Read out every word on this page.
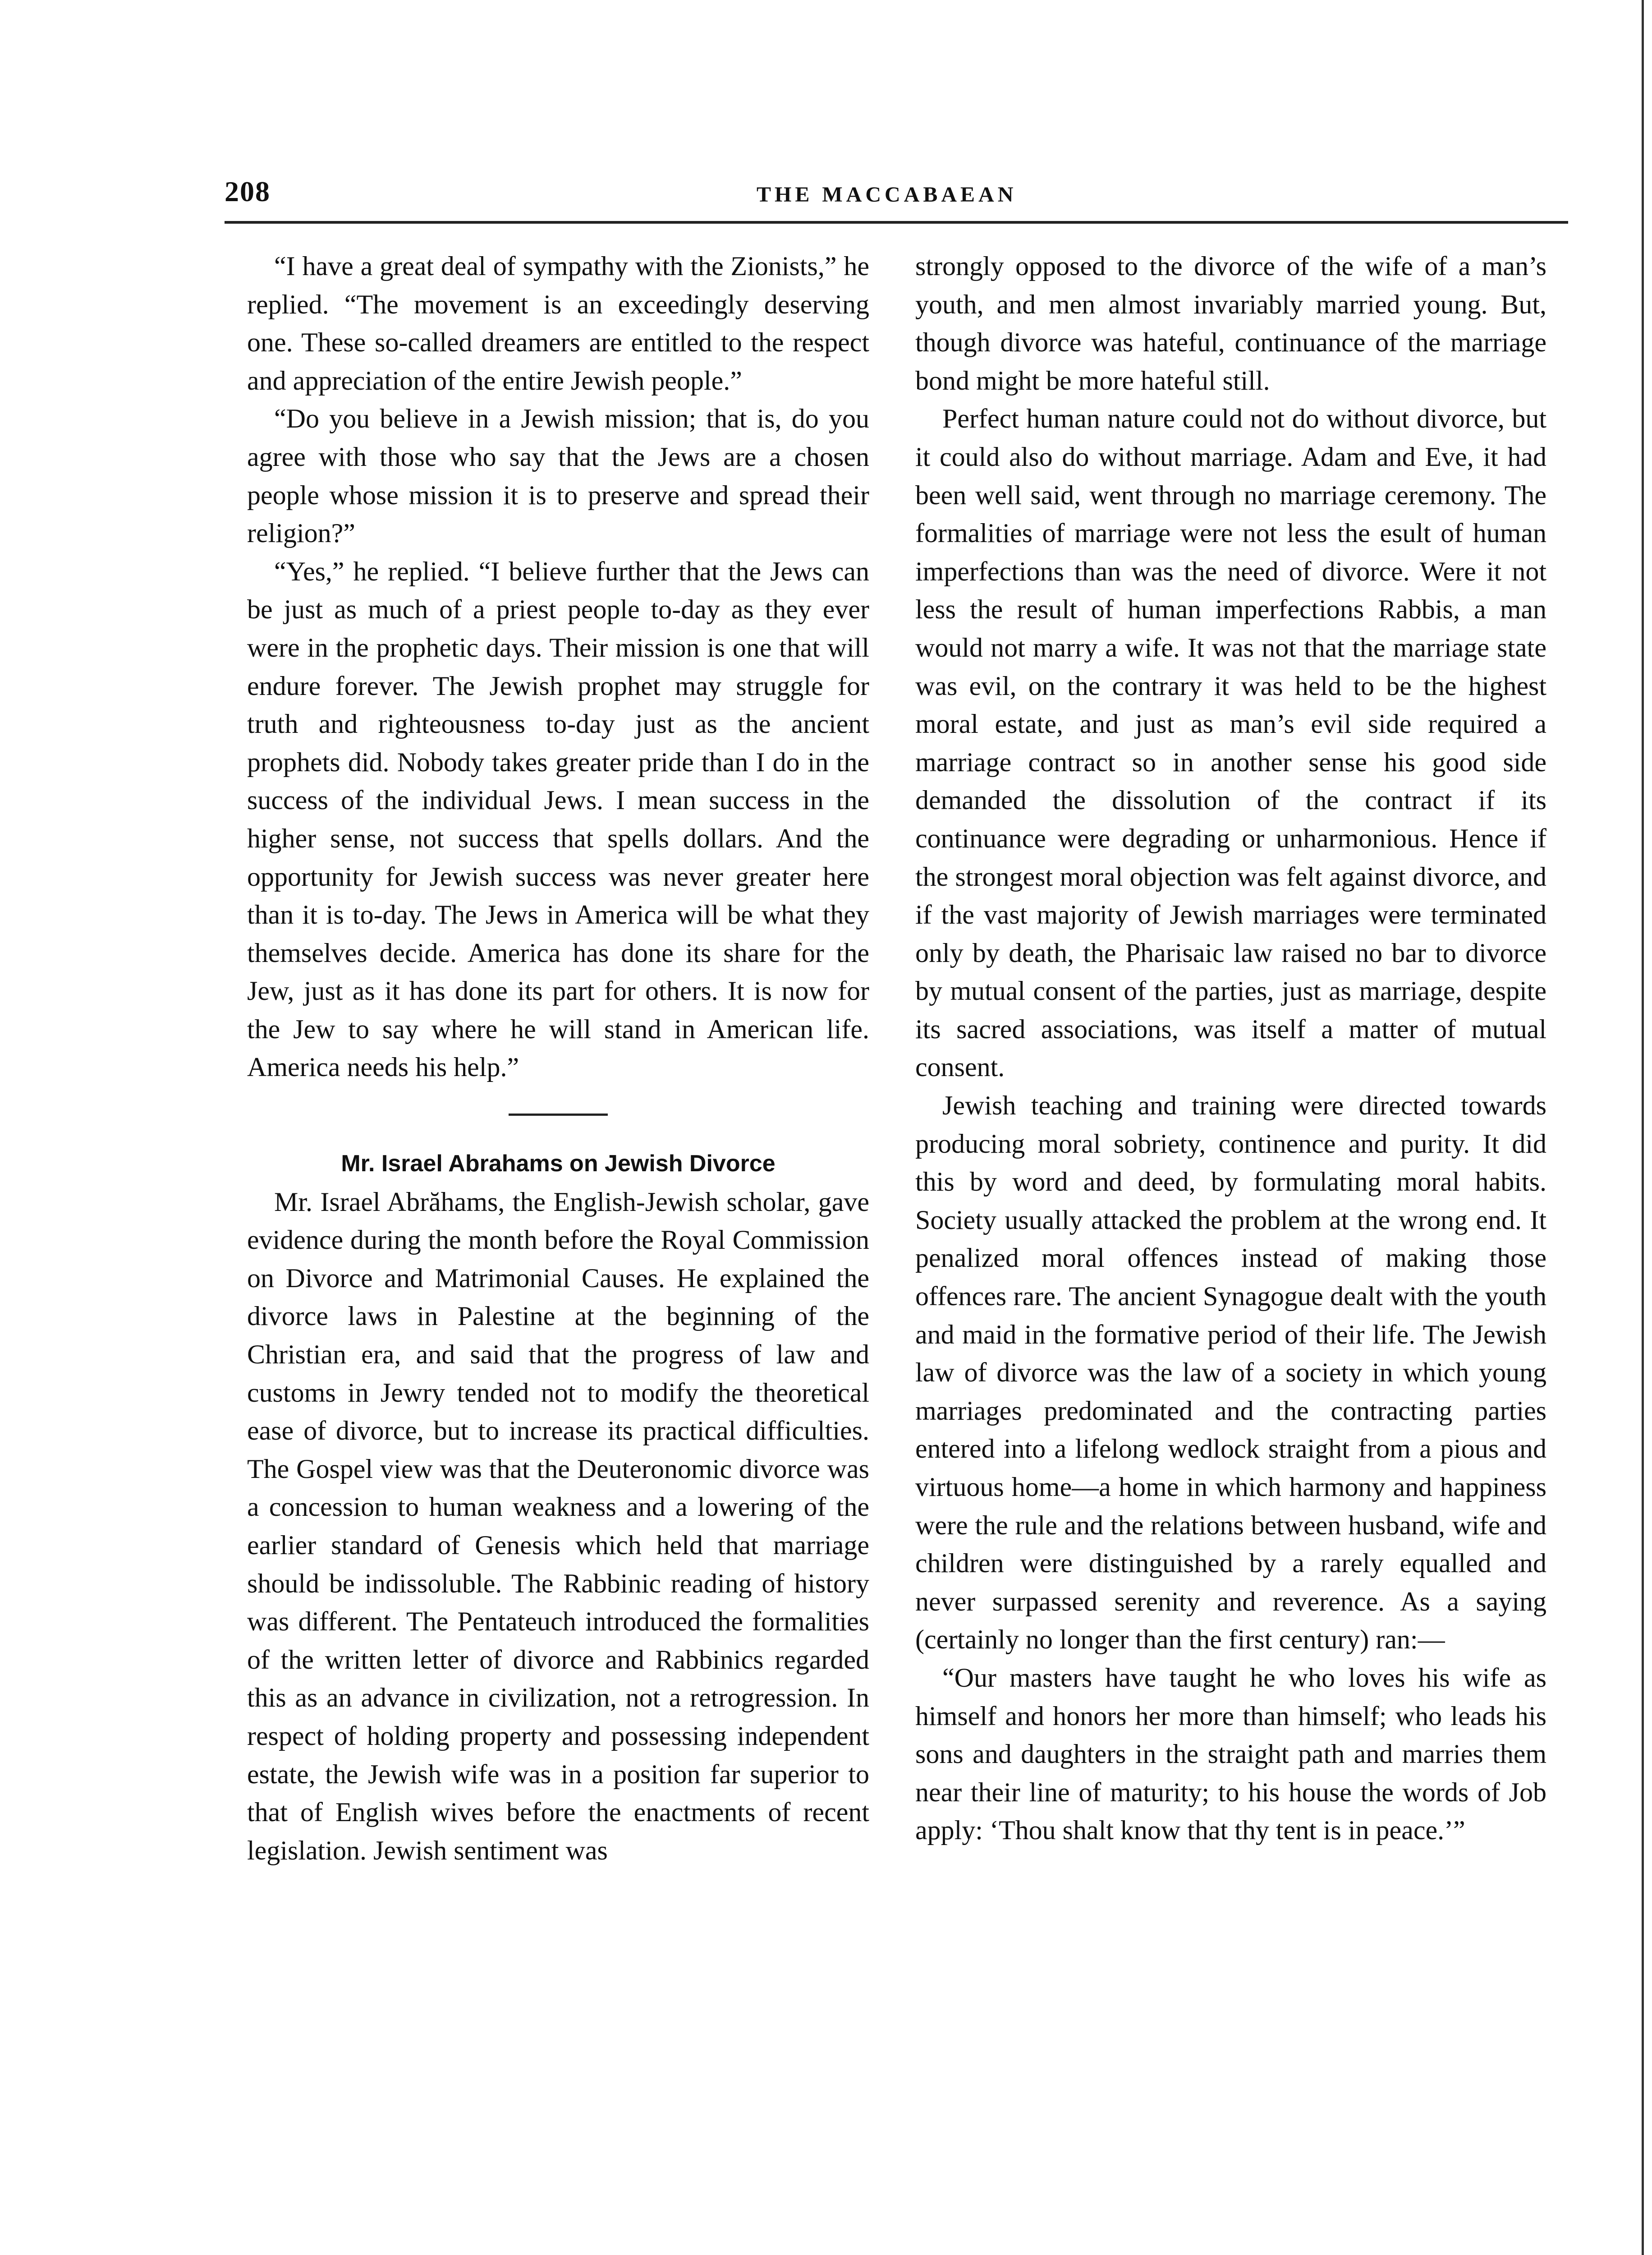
208	THE MACCABAEAN

“I have a great deal of sympathy with the Zionists,” he replied. “The movement is an exceedingly deserving one. These so-called dreamers are entitled to the respect and appreciation of the entire Jewish people.”

“Do you believe in a Jewish mission; that is, do you agree with those who say that the Jews are a chosen people whose mission it is to preserve and spread their religion?”

“Yes,” he replied. “I believe further that the Jews can be just as much of a priest people to-day as they ever were in the prophetic days. Their mission is one that will endure forever. The Jewish prophet may struggle for truth and righteousness to-day just as the ancient prophets did. Nobody takes greater pride than I do in the success of the individual Jews. I mean success in the higher sense, not success that spells dollars. And the opportunity for Jewish success was never greater here than it is to-day. The Jews in America will be what they themselves decide. America has done its share for the Jew, just as it has done its part for others. It is now for the Jew to say where he will stand in American life. America needs his help.”

Mr. Israel Abrahams on Jewish Divorce

Mr. Israel Abrăhams, the English-Jewish scholar, gave evidence during the month before the Royal Commission on Divorce and Matrimonial Causes. He explained the divorce laws in Palestine at the beginning of the Christian era, and said that the progress of law and customs in Jewry tended not to modify the theoretical ease of divorce, but to increase its practical difficulties. The Gospel view was that the Deuteronomic divorce was a concession to human weakness and a lowering of the earlier standard of Genesis which held that marriage should be indissoluble. The Rabbinic reading of history was different. The Pentateuch introduced the formalities of the written letter of divorce and Rabbinics regarded this as an advance in civilization, not a retrogression. In respect of holding property and possessing independent estate, the Jewish wife was in a position far superior to that of English wives before the enactments of recent legislation. Jewish sentiment was

strongly opposed to the divorce of the wife of a man’s youth, and men almost invariably married young. But, though divorce was hateful, continuance of the marriage bond might be more hateful still.

Perfect human nature could not do without divorce, but it could also do without marriage. Adam and Eve, it had been well said, went through no marriage ceremony. The formalities of marriage were not less the esult of human imperfections than was the need of divorce. Were it not less the result of human imperfections Rabbis, a man would not marry a wife. It was not that the marriage state was evil, on the contrary it was held to be the highest moral estate, and just as man’s evil side required a marriage contract so in another sense his good side demanded the dissolution of the contract if its continuance were degrading or unharmonious. Hence if the strongest moral objection was felt against divorce, and if the vast majority of Jewish marriages were terminated only by death, the Pharisaic law raised no bar to divorce by mutual consent of the parties, just as marriage, despite its sacred associations, was itself a matter of mutual consent.

Jewish teaching and training were directed towards producing moral sobriety, continence and purity. It did this by word and deed, by formulating moral habits. Society usually attacked the problem at the wrong end. It penalized moral offences instead of making those offences rare. The ancient Synagogue dealt with the youth and maid in the formative period of their life. The Jewish law of divorce was the law of a society in which young marriages predominated and the contracting parties entered into a lifelong wedlock straight from a pious and virtuous home—a home in which harmony and happiness were the rule and the relations between husband, wife and children were distinguished by a rarely equalled and never surpassed serenity and reverence. As a saying (certainly no longer than the first century) ran:—

“Our masters have taught he who loves his wife as himself and honors her more than himself; who leads his sons and daughters in the straight path and marries them near their line of maturity; to his house the words of Job apply: ‘Thou shalt know that thy tent is in peace.’”
